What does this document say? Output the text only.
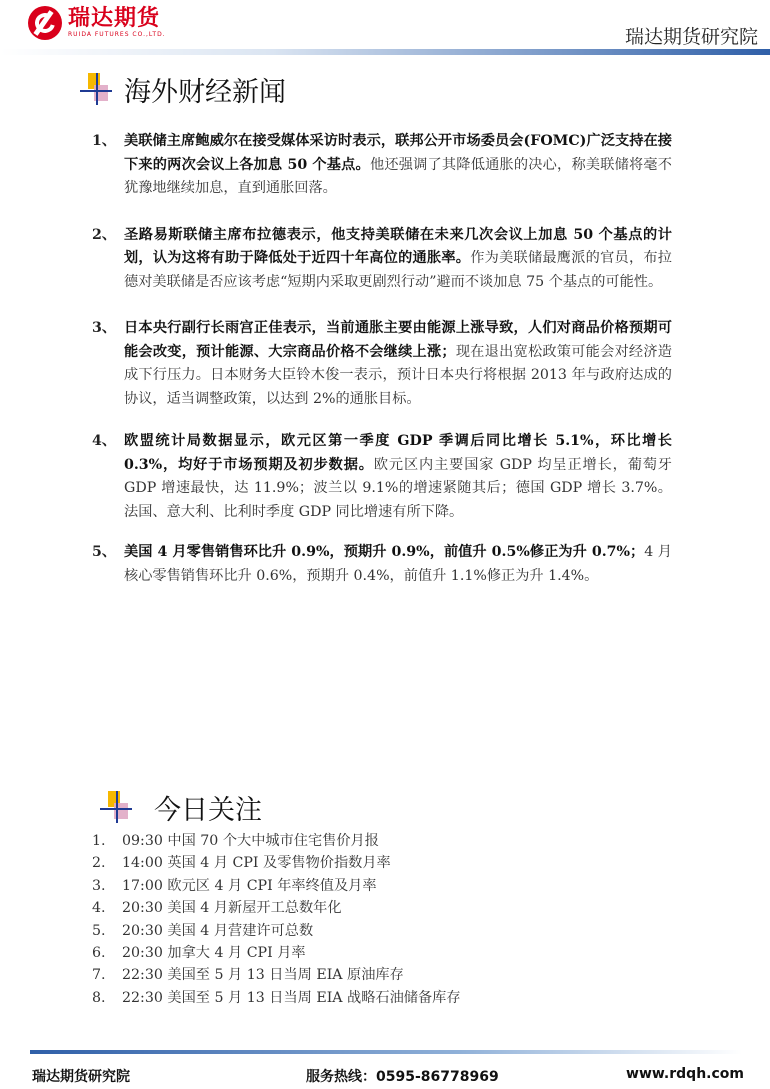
瑞达期货
RUIDA FUTURES CO.,LTD.	瑞达期货研究院
海外财经新闻
1、 美联储主席鲍威尔在接受媒体采访时表示，联邦公开市场委员会(FOMC)广泛支持在接下来的两次会议上各加息 50 个基点。他还强调了其降低通胀的决心，称美联储将毫不犹豫地继续加息，直到通胀回落。
2、 圣路易斯联储主席布拉德表示，他支持美联储在未来几次会议上加息 50 个基点的计划，认为这将有助于降低处于近四十年高位的通胀率。作为美联储最鹰派的官员，布拉德对美联储是否应该考虑“短期内采取更剧烈行动”避而不谈加息 75 个基点的可能性。
3、 日本央行副行长雨宫正佳表示，当前通胀主要由能源上涨导致，人们对商品价格预期可能会改变，预计能源、大宗商品价格不会继续上涨；现在退出宽松政策可能会对经济造成下行压力。日本财务大臣铃木俊一表示，预计日本央行将根据 2013 年与政府达成的协议，适当调整政策，以达到 2%的通胀目标。
4、 欧盟统计局数据显示，欧元区第一季度 GDP 季调后同比增长 5.1%，环比增长 0.3%，均好于市场预期及初步数据。欧元区内主要国家 GDP 均呈正增长，葡萄牙 GDP 增速最快，达 11.9%；波兰以 9.1%的增速紧随其后；德国 GDP 增长 3.7%。法国、意大利、比利时季度 GDP 同比增速有所下降。
5、 美国 4 月零售销售环比升 0.9%，预期升 0.9%，前值升 0.5%修正为升 0.7%；4 月核心零售销售环比升 0.6%，预期升 0.4%，前值升 1.1%修正为升 1.4%。
今日关注
1.	09:30 中国 70 个大中城市住宅售价月报
2.	14:00 英国 4 月 CPI 及零售物价指数月率
3.	17:00 欧元区 4 月 CPI 年率终值及月率
4.	20:30 美国 4 月新屋开工总数年化
5.	20:30 美国 4 月营建许可总数
6.	20:30 加拿大 4 月 CPI 月率
7.	22:30 美国至 5 月 13 日当周 EIA 原油库存
8.	22:30 美国至 5 月 13 日当周 EIA 战略石油储备库存
瑞达期货研究院	服务热线：0595-86778969	www.rdqh.com
